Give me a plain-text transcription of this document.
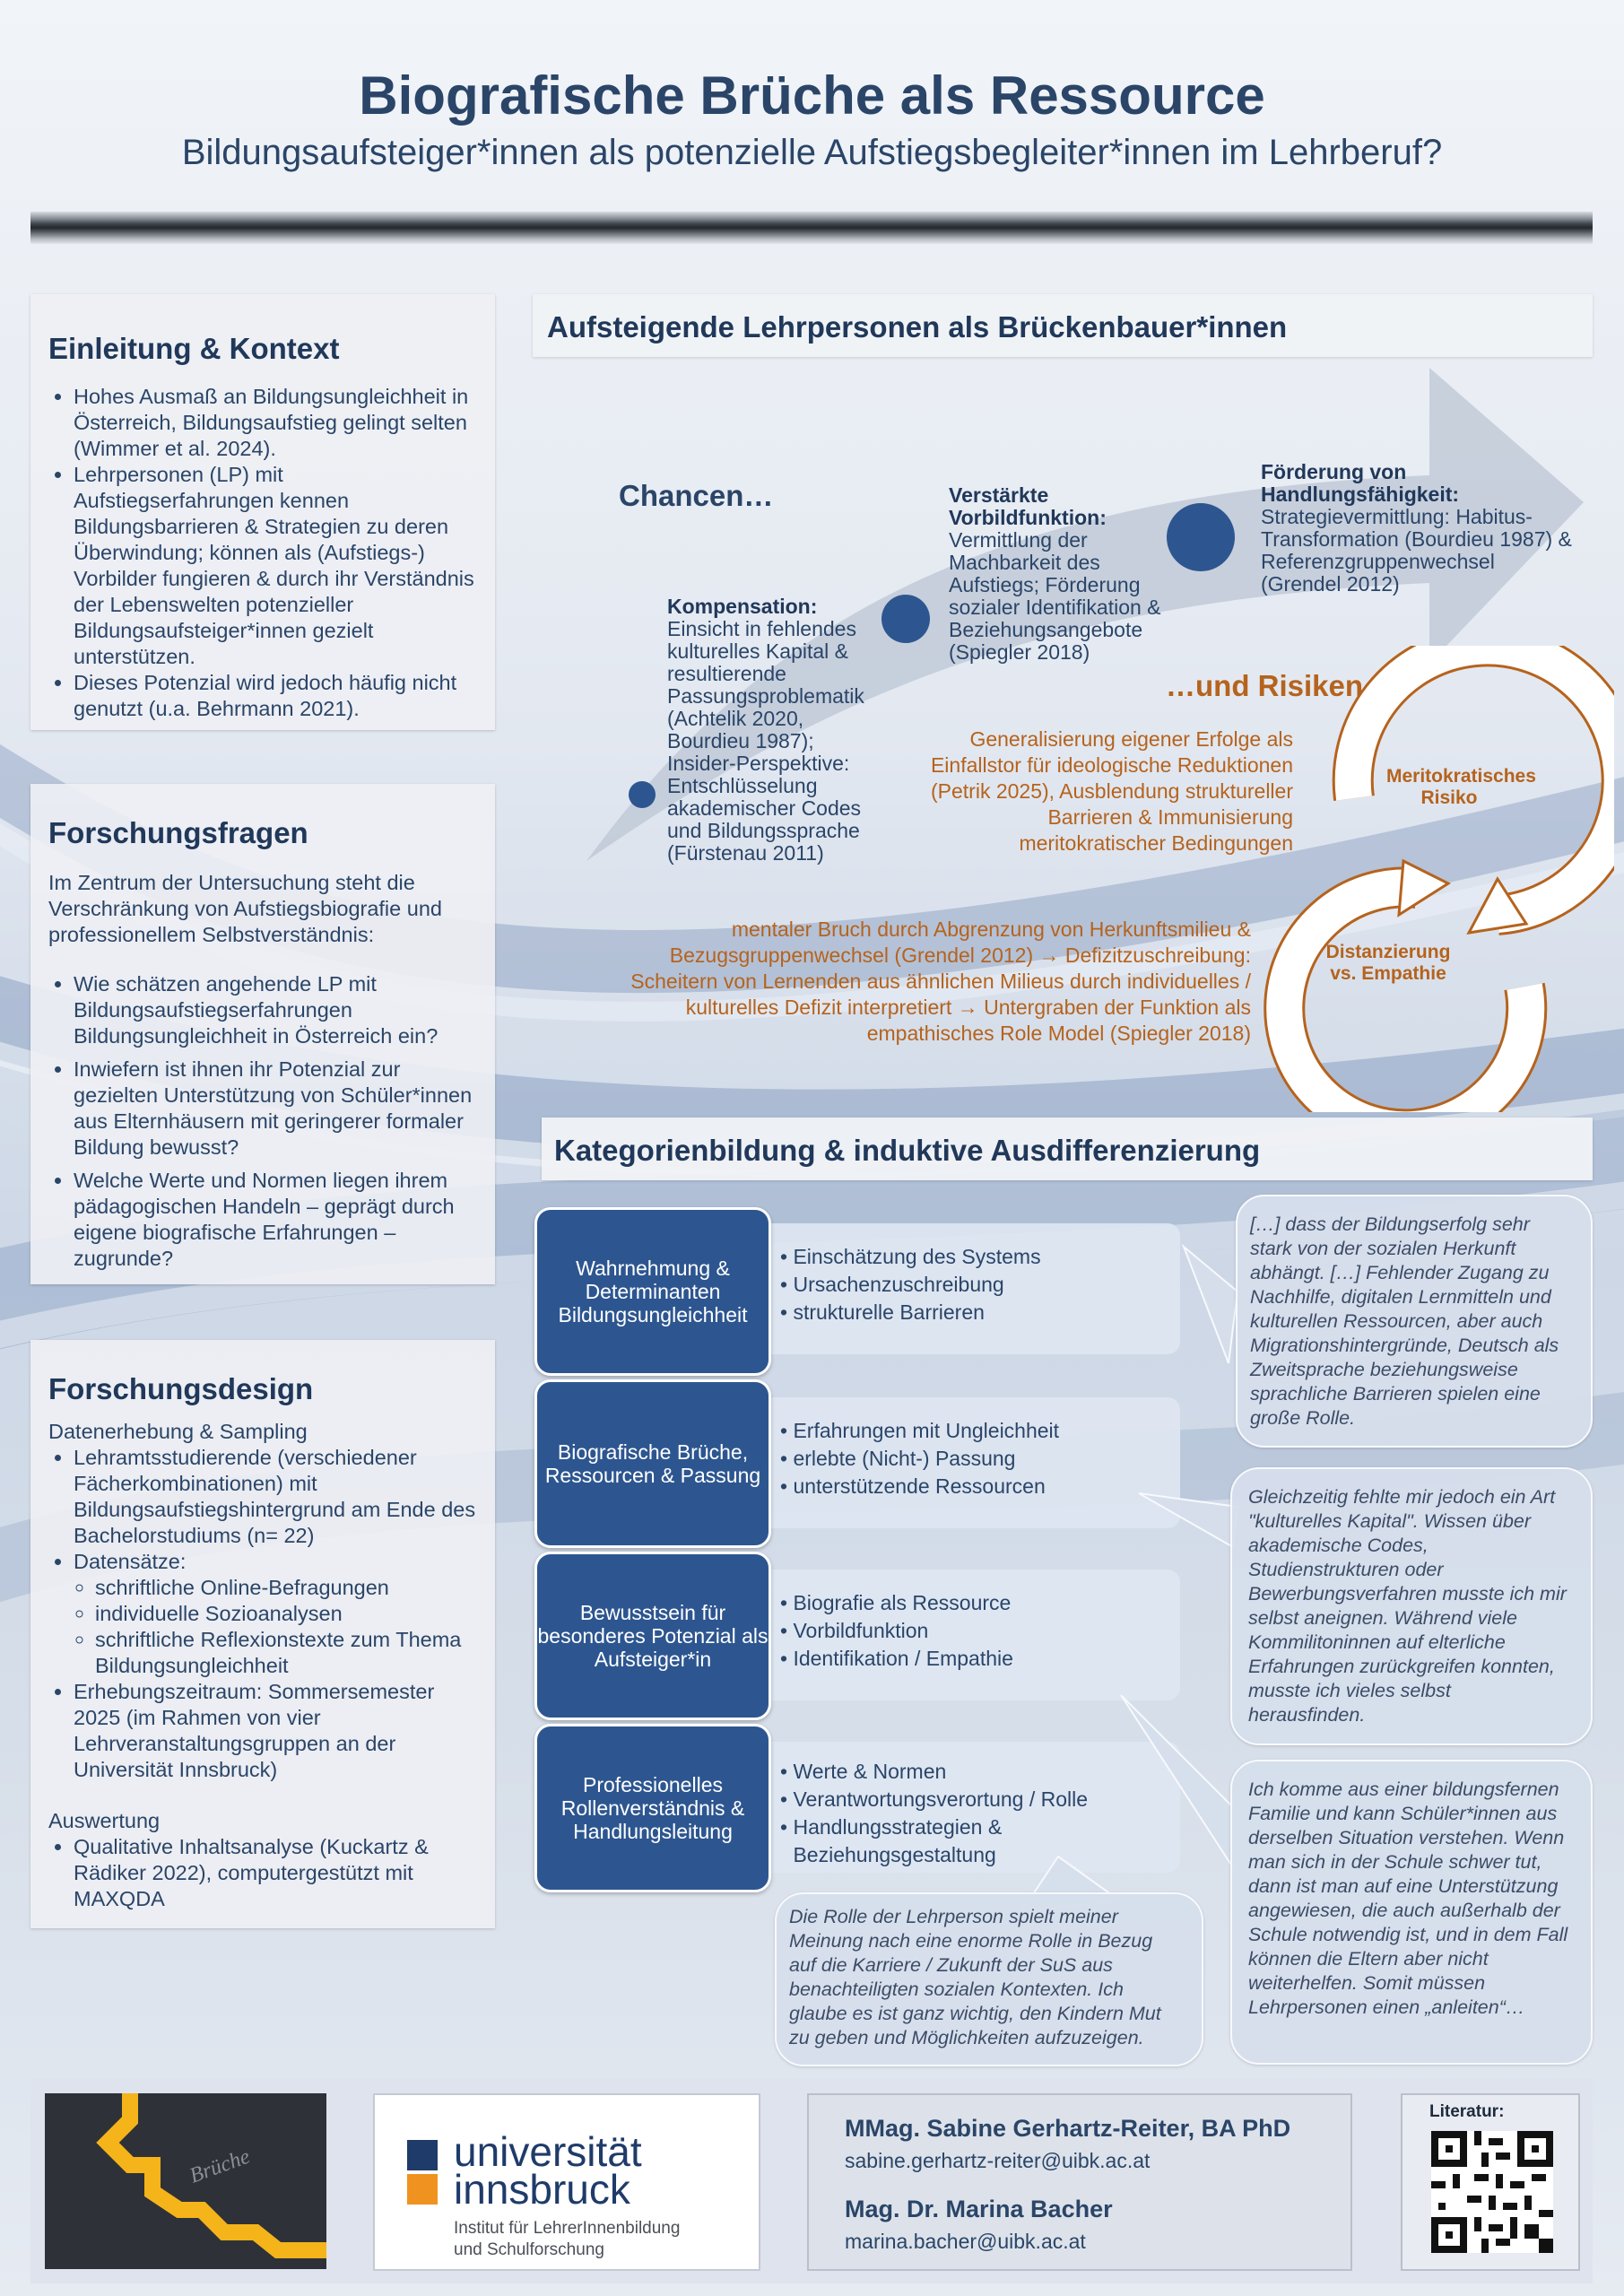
Biografische Brüche als Ressource
Bildungsaufsteiger*innen als potenzielle Aufstiegsbegleiter*innen im Lehrberuf?
Einleitung & Kontext
• Hohes Ausmaß an Bildungsungleichheit in Österreich, Bildungsaufstieg gelingt selten (Wimmer et al. 2024).
• Lehrpersonen (LP) mit Aufstiegserfahrungen kennen Bildungsbarrieren & Strategien zu deren Überwindung; können als (Aufstiegs-) Vorbilder fungieren & durch ihr Verständnis der Lebenswelten potenzieller Bildungsaufsteiger*innen gezielt unterstützen.
• Dieses Potenzial wird jedoch häufig nicht genutzt (u.a. Behrmann 2021).
Forschungsfragen
Im Zentrum der Untersuchung steht die Verschränkung von Aufstiegsbiografie und professionellem Selbstverständnis:
• Wie schätzen angehende LP mit Bildungsaufstiegserfahrungen Bildungsungleichheit in Österreich ein?
• Inwiefern ist ihnen ihr Potenzial zur gezielten Unterstützung von Schüler*innen aus Elternhäusern mit geringerer formaler Bildung bewusst?
• Welche Werte und Normen liegen ihrem pädagogischen Handeln – geprägt durch eigene biografische Erfahrungen – zugrunde?
Forschungsdesign
Datenerhebung & Sampling
• Lehramtsstudierende (verschiedener Fächerkombinationen) mit Bildungsaufstiegshintergrund am Ende des Bachelorstudiums (n= 22)
• Datensätze:
◦ schriftliche Online-Befragungen
◦ individuelle Sozioanalysen
◦ schriftliche Reflexionstexte zum Thema Bildungsungleichheit
• Erhebungszeitraum: Sommersemester 2025 (im Rahmen von vier Lehrveranstaltungsgruppen an der Universität Innsbruck)
Auswertung
• Qualitative Inhaltsanalyse (Kuckartz & Rädiker 2022), computergestützt mit MAXQDA
Aufsteigende Lehrpersonen als Brückenbauer*innen
Chancen…
Kompensation:
Einsicht in fehlendes kulturelles Kapital & resultierende Passungsproblematik (Achtelik 2020, Bourdieu 1987); Insider-Perspektive: Entschlüsselung akademischer Codes und Bildungssprache (Fürstenau 2011)
Verstärkte Vorbildfunktion:
Vermittlung der Machbarkeit des Aufstiegs; Förderung sozialer Identifikation & Beziehungsangebote (Spiegler 2018)
Förderung von Handlungsfähigkeit:
Strategievermittlung: Habitus-Transformation (Bourdieu 1987) & Referenzgruppenwechsel (Grendel 2012)
…und Risiken
Generalisierung eigener Erfolge als Einfallstor für ideologische Reduktionen (Petrik 2025), Ausblendung struktureller Barrieren & Immunisierung meritokratischer Bedingungen
mentaler Bruch durch Abgrenzung von Herkunftsmilieu & Bezugsgruppenwechsel (Grendel 2012) → Defizitzuschreibung: Scheitern von Lernenden aus ähnlichen Milieus durch individuelles / kulturelles Defizit interpretiert → Untergraben der Funktion als empathisches Role Model (Spiegler 2018)
Meritokratisches Risiko
Distanzierung vs. Empathie
Kategorienbildung & induktive Ausdifferenzierung
• Einschätzung des Systems
• Ursachenzuschreibung
• strukturelle Barrieren
Wahrnehmung & Determinanten Bildungsungleichheit
• Erfahrungen mit Ungleichheit
• erlebte (Nicht-) Passung
• unterstützende Ressourcen
Biografische Brüche, Ressourcen & Passung
• Biografie als Ressource
• Vorbildfunktion
• Identifikation / Empathie
Bewusstsein für besonderes Potenzial als Aufsteiger*in
• Werte & Normen
• Verantwortungsverortung / Rolle
• Handlungsstrategien & Beziehungsgestaltung
Professionelles Rollenverständnis & Handlungsleitung
[…] dass der Bildungserfolg sehr stark von der sozialen Herkunft abhängt. […] Fehlender Zugang zu Nachhilfe, digitalen Lernmitteln und kulturellen Ressourcen, aber auch Migrationshintergründe, Deutsch als Zweitsprache beziehungsweise sprachliche Barrieren spielen eine große Rolle.
Gleichzeitig fehlte mir jedoch ein Art "kulturelles Kapital". Wissen über akademische Codes, Studienstrukturen oder Bewerbungsverfahren musste ich mir selbst aneignen. Während viele Kommilitoninnen auf elterliche Erfahrungen zurückgreifen konnten, musste ich vieles selbst herausfinden.
Ich komme aus einer bildungsfernen Familie und kann Schüler*innen aus derselben Situation verstehen. Wenn man sich in der Schule schwer tut, dann ist man auf eine Unterstützung angewiesen, die auch außerhalb der Schule notwendig ist, und in dem Fall können die Eltern aber nicht weiterhelfen. Somit müssen Lehrpersonen einen „anleiten“…
Die Rolle der Lehrperson spielt meiner Meinung nach eine enorme Rolle in Bezug auf die Karriere / Zukunft der SuS aus benachteiligten sozialen Kontexten. Ich glaube es ist ganz wichtig, den Kindern Mut zu geben und Möglichkeiten aufzuzeigen.
Brüche	universität
innsbruck
Institut für LehrerInnenbildung
und Schulforschung
MMag. Sabine Gerhartz-Reiter, BA PhD
sabine.gerhartz-reiter@uibk.ac.at
Mag. Dr. Marina Bacher
marina.bacher@uibk.ac.at
Literatur:
